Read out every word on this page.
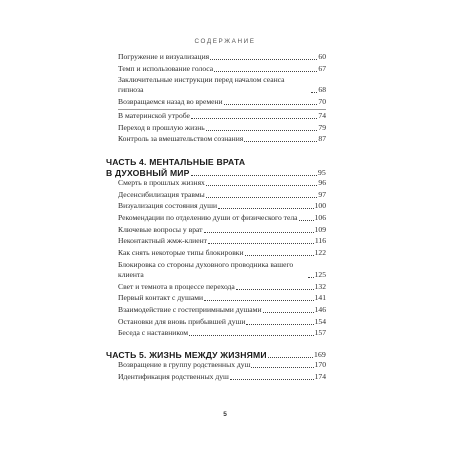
СОДЕРЖАНИЕ
Погружение и визуализация	60
Темп и использование голоса	67
Заключительные инструкции перед началом сеанса гипноза	68
Возвращаемся назад во времени	70
В материнской утробе	74
Переход в прошлую жизнь	79
Контроль за вмешательством сознания	87
ЧАСТЬ 4. МЕНТАЛЬНЫЕ ВРАТА
В ДУХОВНЫЙ МИР	95
Смерть в прошлых жизнях	96
Десенсибилизация травмы	97
Визуализация состояния души	100
Рекомендации по отделению души от физического тела 106
Ключевые вопросы у врат	109
Неконтактный жмж-клиент	116
Как снять некоторые типы блокировки	122
Блокировка со стороны духовного проводника вашего клиента	125
Свет и темнота в процессе перехода	132
Первый контакт с душами	141
Взаимодействие с гостеприимными душами	146
Остановки для вновь прибывшей души	154
Беседа с наставником	157
ЧАСТЬ 5. ЖИЗНЬ МЕЖДУ ЖИЗНЯМИ	169
Возвращение в группу родственных душ	170
Идентификация родственных душ	174
5
